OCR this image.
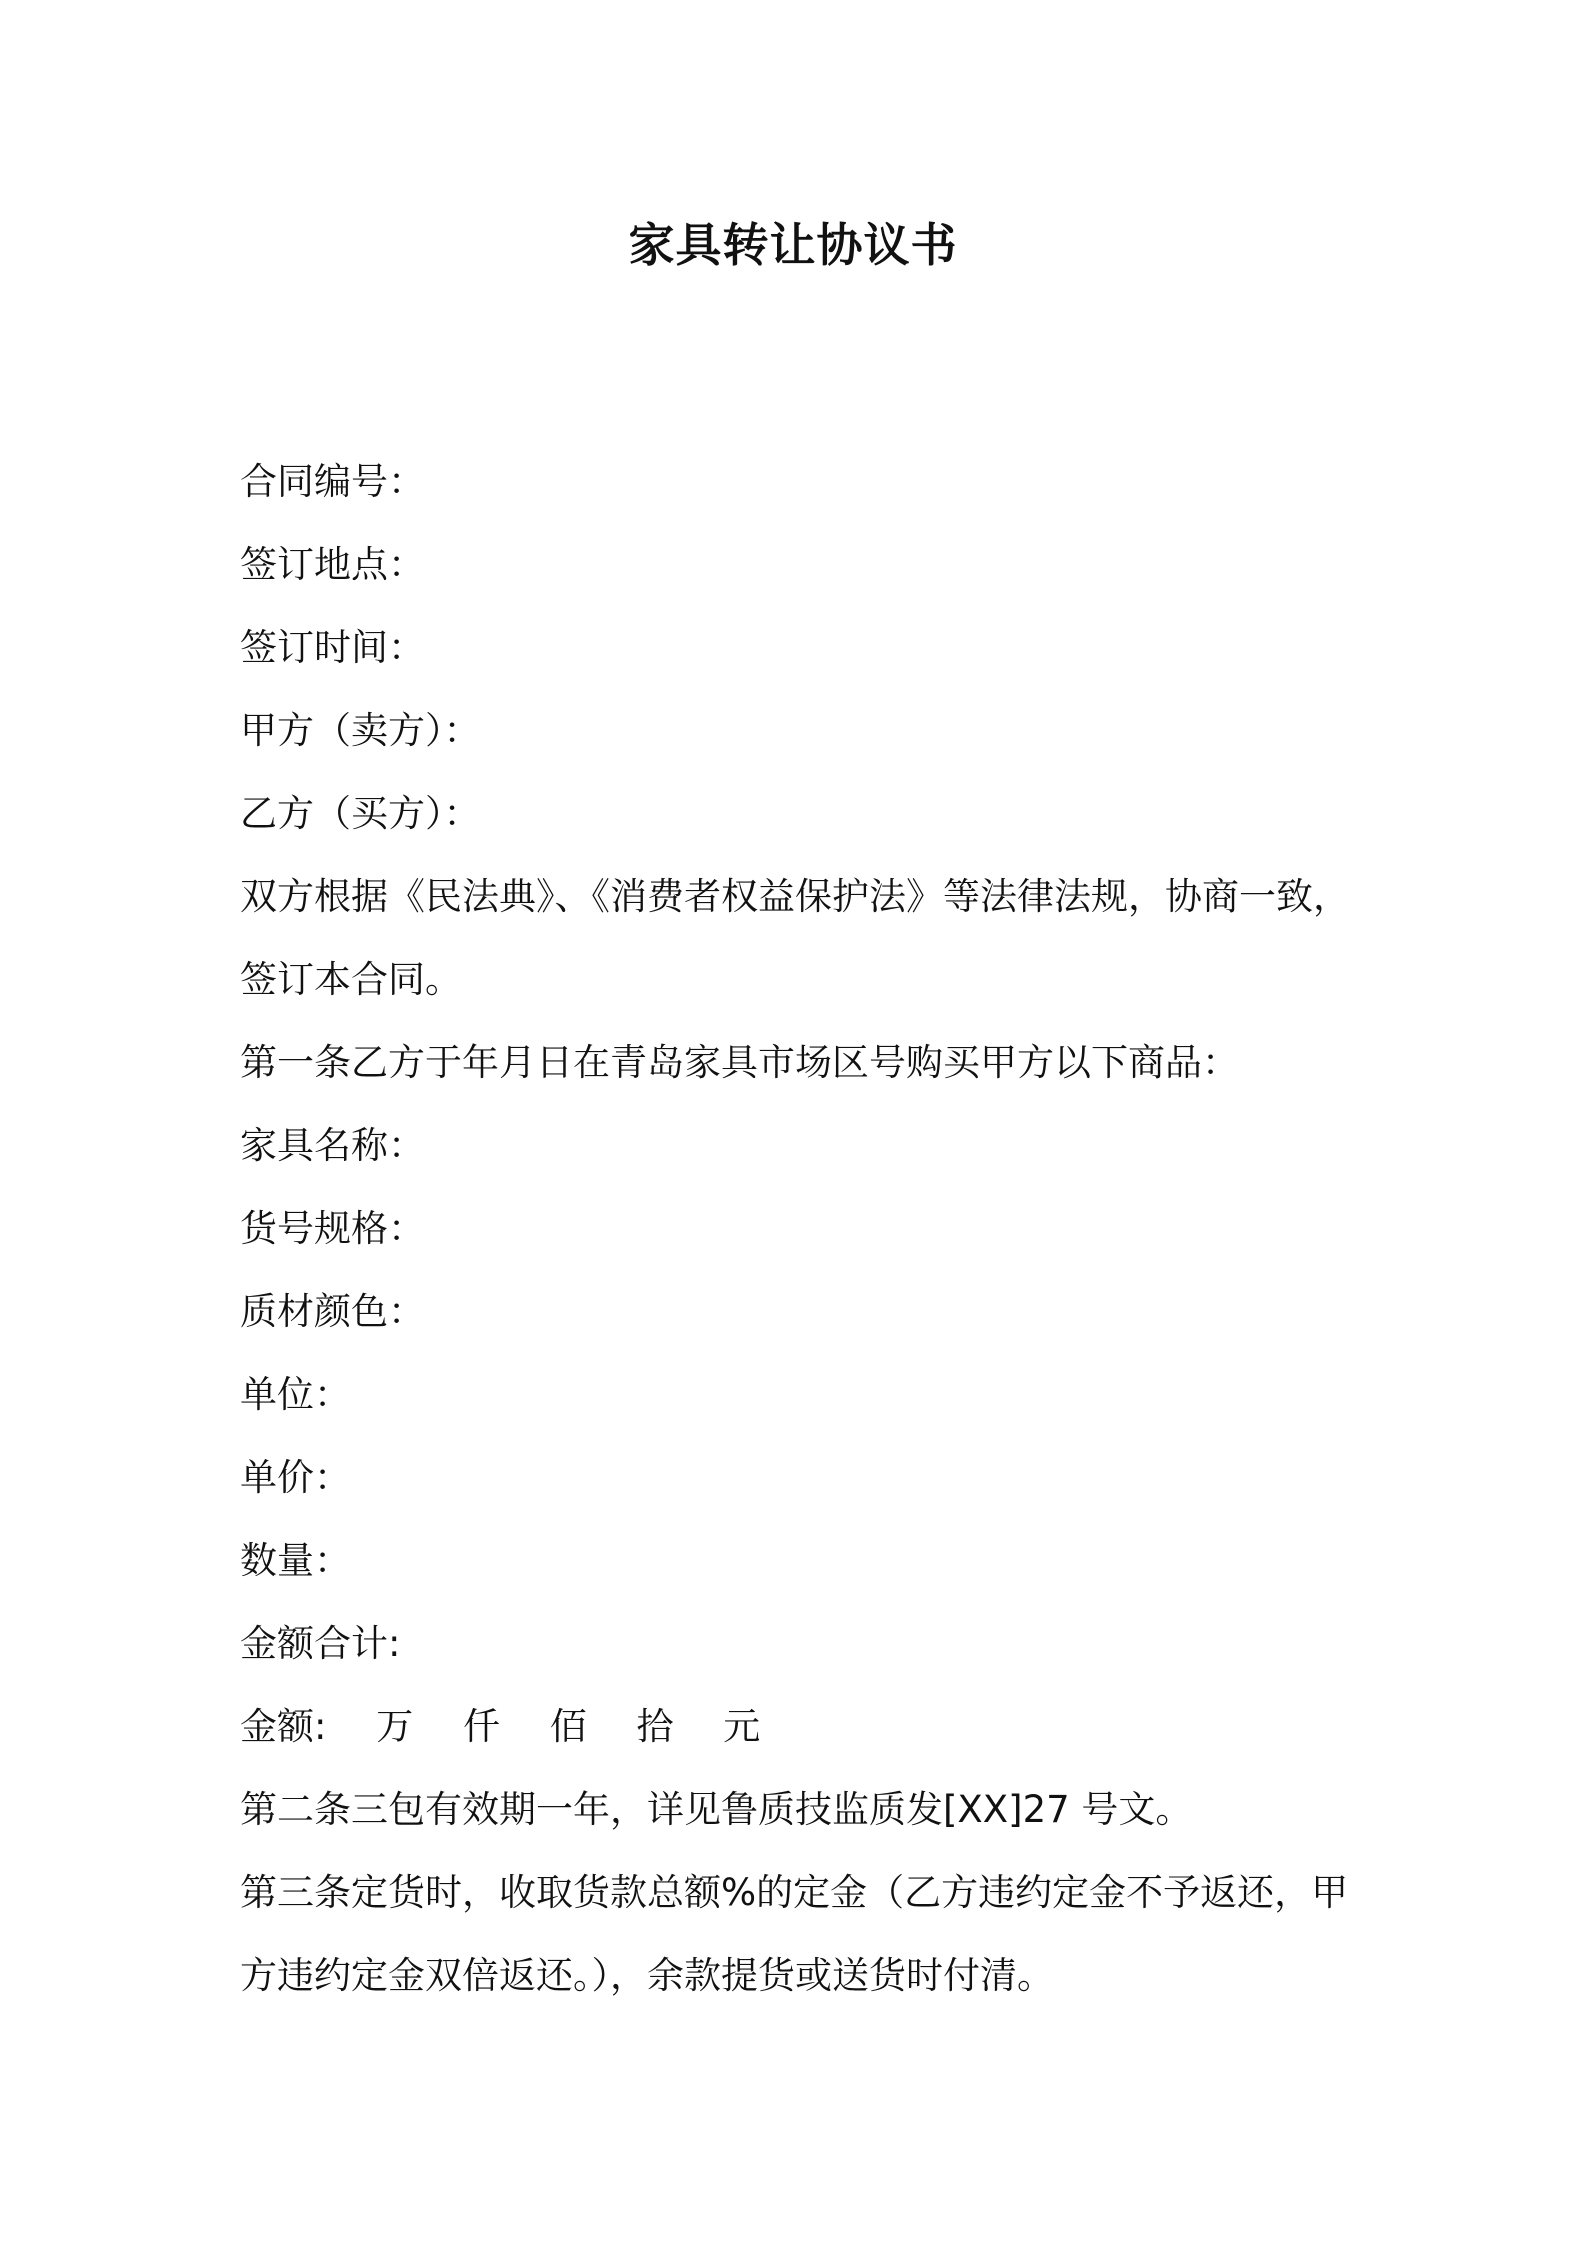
家具转让协议书
合同编号：
签订地点：
签订时间：
甲方（卖方）：
乙方（买方）：
双方根据《民法典》、《消费者权益保护法》等法律法规，协商一致，
签订本合同。
第一条乙方于年月日在青岛家具市场区号购买甲方以下商品：
家具名称：
货号规格：
质材颜色：
单位：
单价：
数量：
金额合计:
金额: 万 仟 佰 拾 元
第二条三包有效期一年，详见鲁质技监质发[XX]27 号文。
第三条定货时，收取货款总额%的定金（乙方违约定金不予返还，甲
方违约定金双倍返还。），余款提货或送货时付清。
